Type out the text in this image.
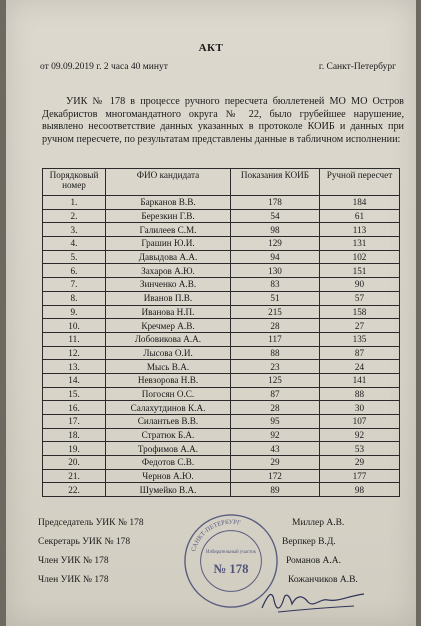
АКТ
от 09.09.2019 г. 2 часа 40 минут	г. Санкт-Петербург
УИК № 178 в процессе ручного пересчета бюллетеней МО МО Остров Декабристов многомандатного округа № 22, было грубейшее нарушение, выявлено несоответствие данных указанных в протоколе КОИБ и данных при ручном пересчете, по результатам представлены данные в табличном исполнении:
Порядковый номер	ФИО кандидата	Показания КОИБ	Ручной пересчет
1.	Барканов В.В.	178	184
2.	Березкин Г.В.	54	61
3.	Галилеев С.М.	98	113
4.	Грашин Ю.И.	129	131
5.	Давыдова А.А.	94	102
6.	Захаров А.Ю.	130	151
7.	Зинченко А.В.	83	90
8.	Иванов П.В.	51	57
9.	Иванова Н.П.	215	158
10.	Кречмер А.В.	28	27
11.	Лобовикова А.А.	117	135
12.	Лысова О.И.	88	87
13.	Мысь В.А.	23	24
14.	Невзорова Н.В.	125	141
15.	Погосян О.С.	87	88
16.	Салахутдинов К.А.	28	30
17.	Силантьев В.В.	95	107
18.	Стратюк Б.А.	92	92
19.	Трофимов А.А.	43	53
20.	Федотов С.В.	29	29
21.	Чернов А.Ю.	172	177
22.	Шумейко В.А.	89	98
Председатель УИК № 178	Миллер А.В.
Секретарь УИК № 178	Верпкер В.Д.
Член УИК № 178	Романов А.А.
Член УИК № 178	Кожанчиков А.В.
САНКТ-ПЕТЕРБУРГ
Избирательный участок
№ 178
